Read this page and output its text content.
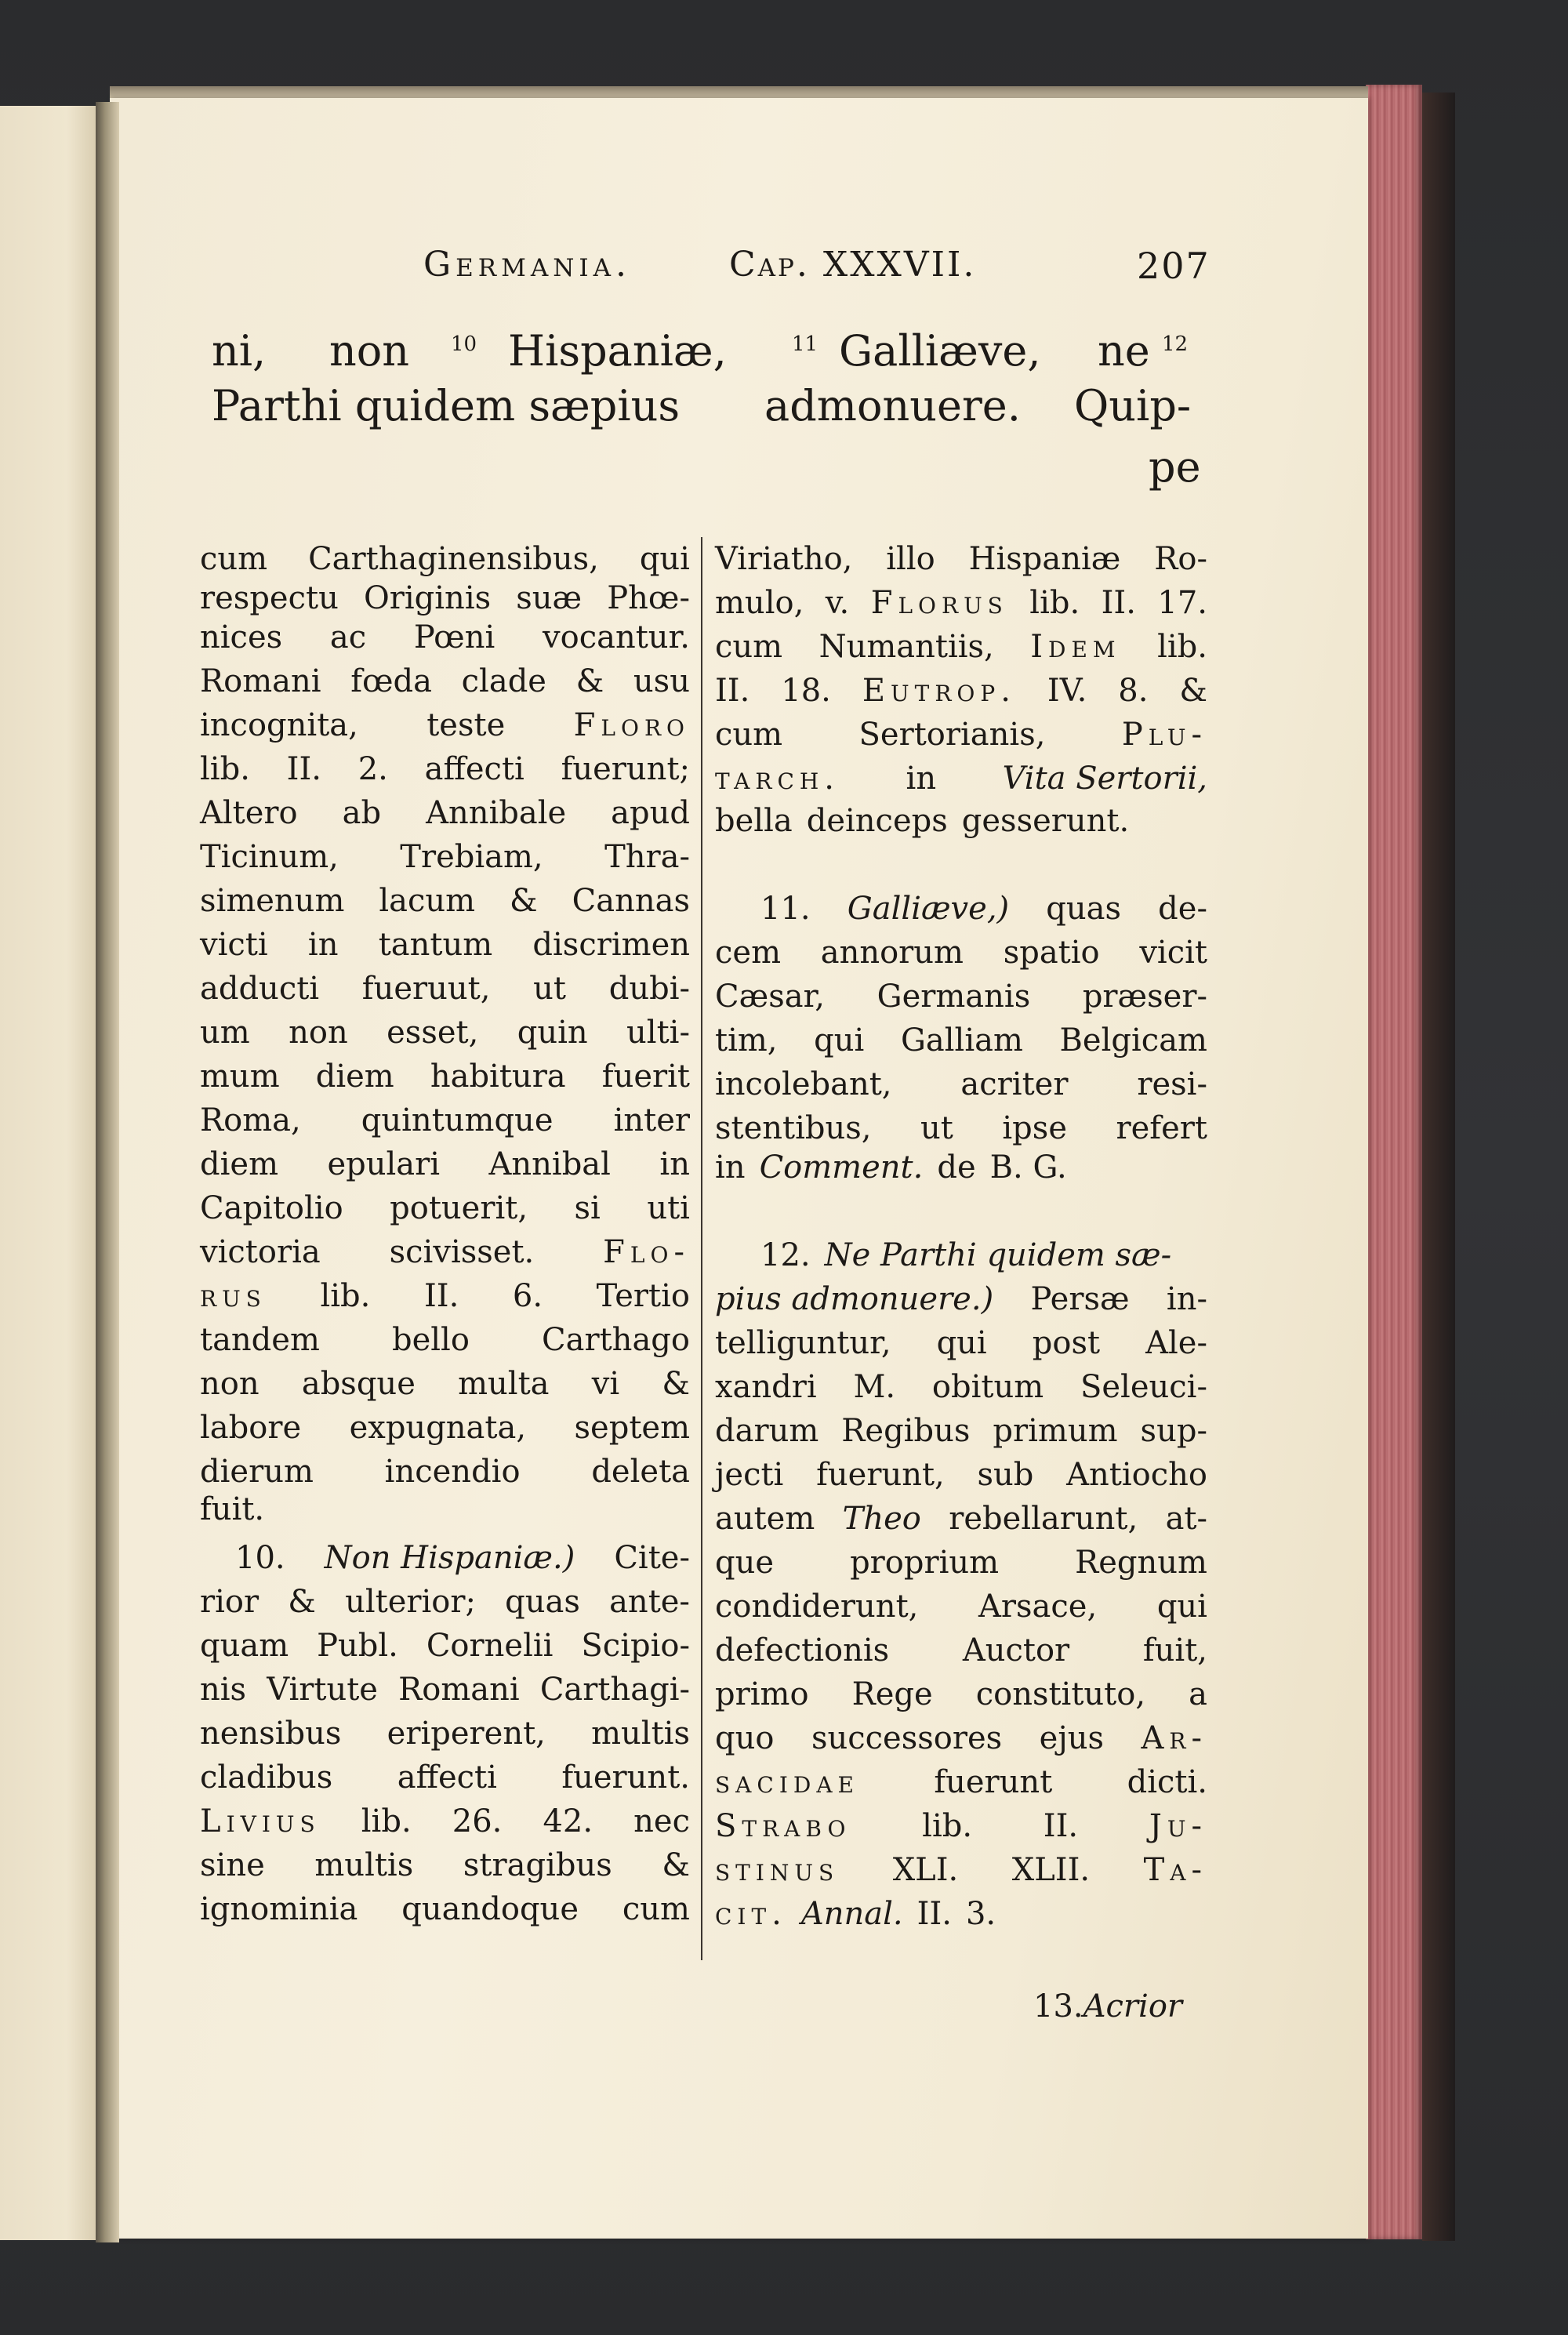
Germania.	Cap. XXXVII.	207
ni, non $^{10}$ Hispaniæ,	$^{11}$ Galliæve, ne $^{12}$
Parthi quidem sæpius admonuere. Quip-
pe
cum Carthaginensibus, qui
respectu Originis suæ Phœ-
nices ac Pœni vocantur.
Romani fœda clade & usu
incognita, teste Floro
lib. II. 2. affecti fuerunt;
Altero ab Annibale apud
Ticinum, Trebiam, Thra-
simenum lacum & Cannas
victi in tantum discrimen
adducti fueruut, ut dubi-
um non esset, quin ulti-
mum diem habitura fuerit
Roma, quintumque inter
diem epulari Annibal in
Capitolio potuerit, si uti
victoria scivisset. Flo-
rus lib. II. 6. Tertio
tandem bello Carthago
non absque multa vi &
labore expugnata, septem
dierum incendio deleta
fuit.
10. Non Hispaniæ.) Cite-
rior & ulterior; quas ante-
quam Publ. Cornelii Scipio-
nis Virtute Romani Carthagi-
nensibus eriperent, multis
cladibus affecti fuerunt.
Livius lib. 26. 42. nec
sine multis stragibus &
ignominia quandoque cum
Viriatho, illo Hispaniæ Ro-
mulo, v. Florus lib. II. 17.
cum Numantiis, Idem lib.
II. 18. Eutrop. IV. 8. &
cum Sertorianis, Plu-
tarch. in Vita Sertorii,
bella deinceps gesserunt.
11. Galliæve,) quas de-
cem annorum spatio vicit
Cæsar, Germanis præser-
tim, qui Galliam Belgicam
incolebant, acriter resi-
stentibus, ut ipse refert
in Comment. de B. G.
12. Ne Parthi quidem sæ-
pius admonuere.) Persæ in-
telliguntur, qui post Ale-
xandri M. obitum Seleuci-
darum Regibus primum sup-
jecti fuerunt, sub Antiocho
autem Theo rebellarunt, at-
que proprium Regnum
condiderunt, Arsace, qui
defectionis Auctor fuit,
primo Rege constituto, a
quo successores ejus Ar-
sacidae fuerunt dicti.
Strabo lib. II. Ju-
stinus XLI. XLII. Ta-
cit. Annal. II. 3.
13.Acrior
